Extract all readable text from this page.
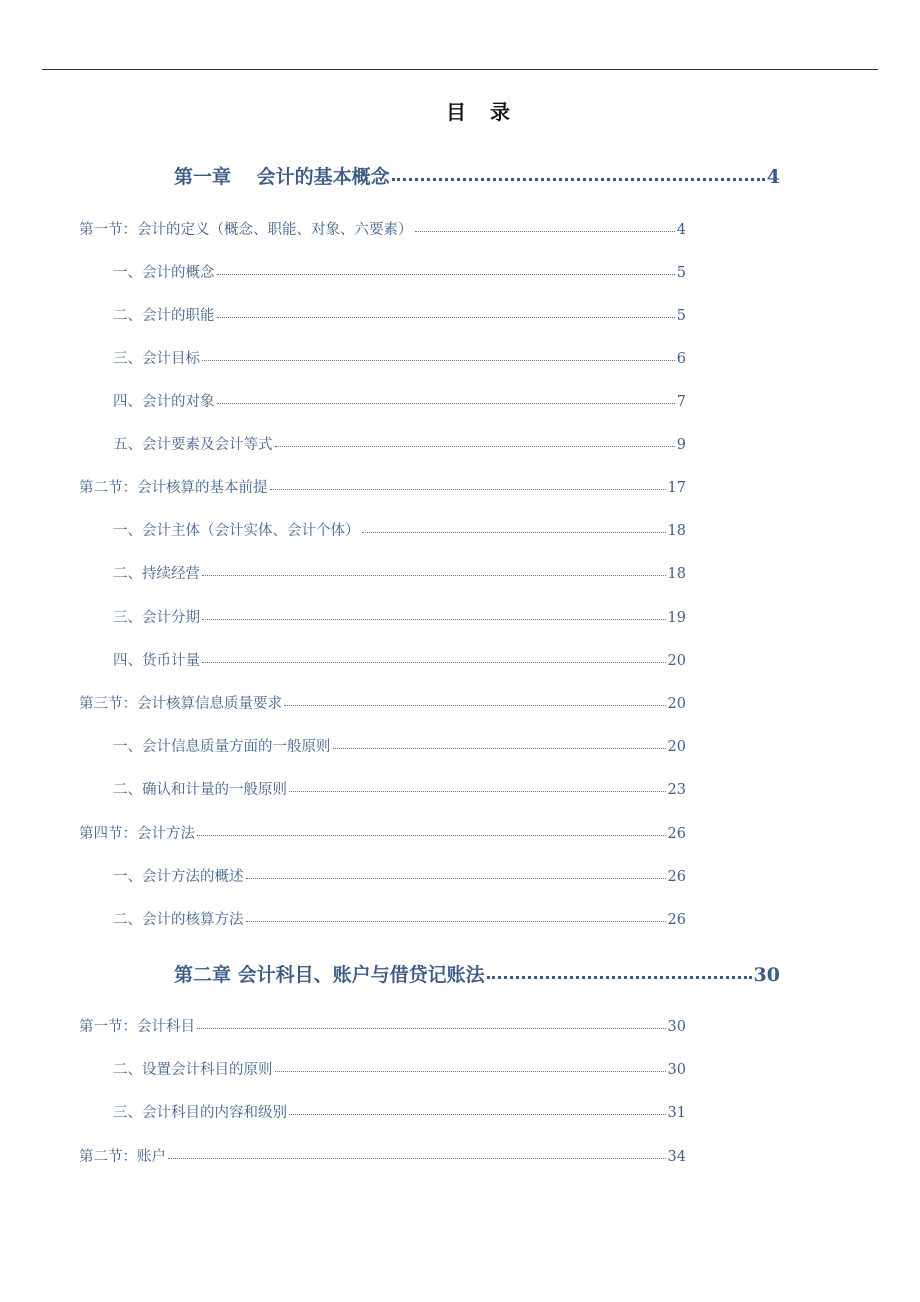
目　录
第一章　 会计的基本概念	4
第一节：会计的定义（概念、职能、对象、六要素）	4
一、会计的概念	5
二、会计的职能	5
三、会计目标	6
四、会计的对象	7
五、会计要素及会计等式	9
第二节：会计核算的基本前提	17
一、会计主体（会计实体、会计个体）	18
二、持续经营	18
三、会计分期	19
四、货币计量	20
第三节：会计核算信息质量要求	20
一、会计信息质量方面的一般原则	20
二、确认和计量的一般原则	23
第四节：会计方法	26
一、会计方法的概述	26
二、会计的核算方法	26
第二章 会计科目、账户与借贷记账法	30
第一节：会计科目	30
二、设置会计科目的原则	30
三、会计科目的内容和级别	31
第二节：账户	34
